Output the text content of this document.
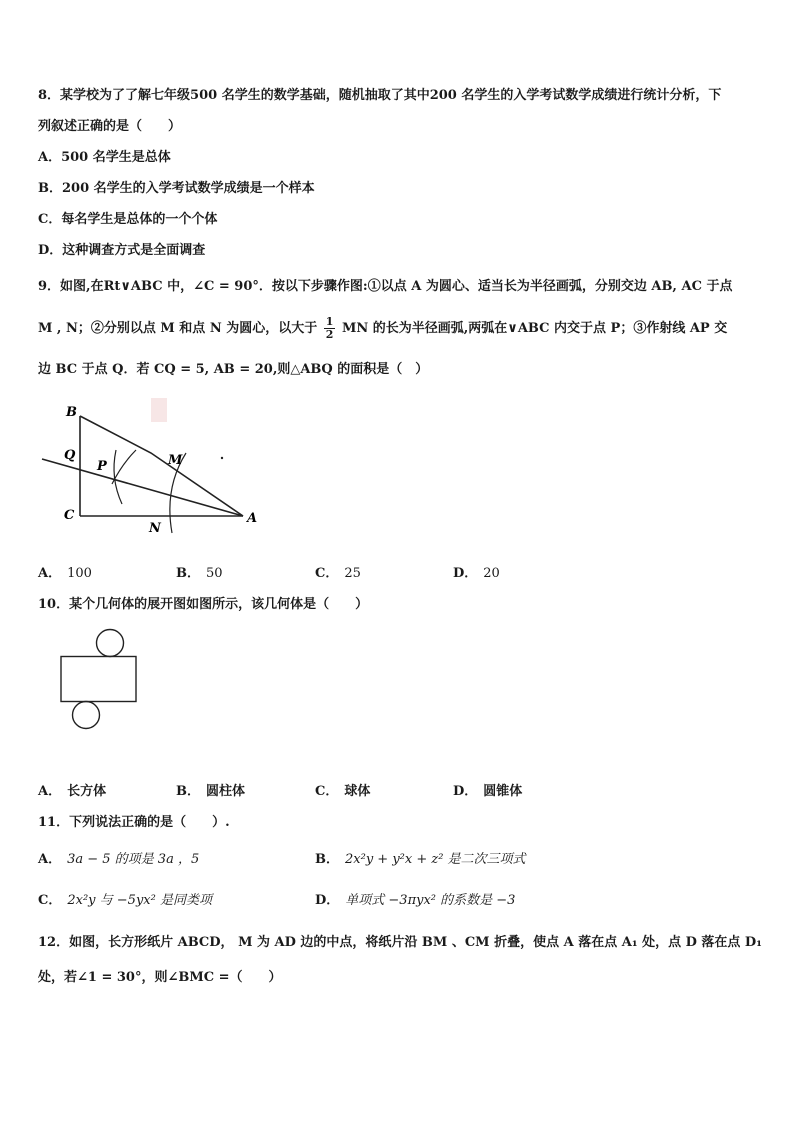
8．某学校为了了解七年级500 名学生的数学基础，随机抽取了其中200 名学生的入学考试数学成绩进行统计分析，下
列叙述正确的是（　　）
A．500 名学生是总体
B．200 名学生的入学考试数学成绩是一个样本
C．每名学生是总体的一个个体
D．这种调查方式是全面调查
9．如图,在Rt∨ABC 中，∠C = 90°．按以下步骤作图:①以点 A 为圆心、适当长为半径画弧，分别交边 AB, AC 于点
M , N；②分别以点 M 和点 N 为圆心，以大于 $\frac{1}{2}$ MN 的长为半径画弧,两弧在∨ABC 内交于点 P；③作射线 AP 交
边 BC 于点 Q．若 CQ = 5, AB = 20,则△ABQ 的面积是（　）
B
Q
P	M
C
N
A
A． 100	B． 50	C． 25	D． 20
10．某个几何体的展开图如图所示，该几何体是（　　）
A． 长方体	B． 圆柱体	C． 球体	D． 圆锥体
11．下列说法正确的是（　　）.
A． 3a − 5 的项是 3a ，5	B． 2x²y + y²x + z² 是二次三项式
C． 2x²y 与 −5yx² 是同类项	D． 单项式 −3πyx² 的系数是 −3
12．如图，长方形纸片 ABCD， M 为 AD 边的中点，将纸片沿 BM 、CM 折叠，使点 A 落在点 A₁ 处，点 D 落在点 D₁
处，若∠1 = 30°，则∠BMC =（　　）
